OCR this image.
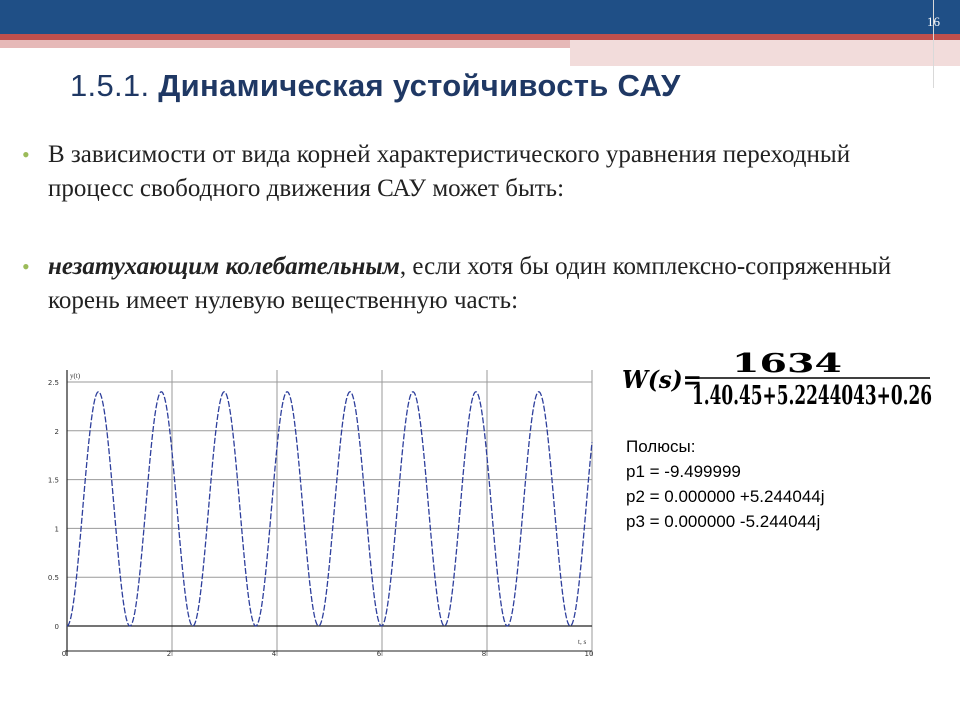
16
1.5.1. Динамическая устойчивость САУ
• В зависимости от вида корней характеристического уравнения переходный процесс свободного движения САУ может быть:
• незатухающим колебательным, если хотя бы один комплексно-сопряженный корень имеет нулевую вещественную часть:
0	2	4	6	8	10
0
0.5
1
1.5
2
2.5
y(t)
t, s
1634
W(s)=
1.40.45+5.2244043+0.26
Полюсы:
p1 = -9.499999
p2 = 0.000000 +5.244044j
p3 = 0.000000 -5.244044j
